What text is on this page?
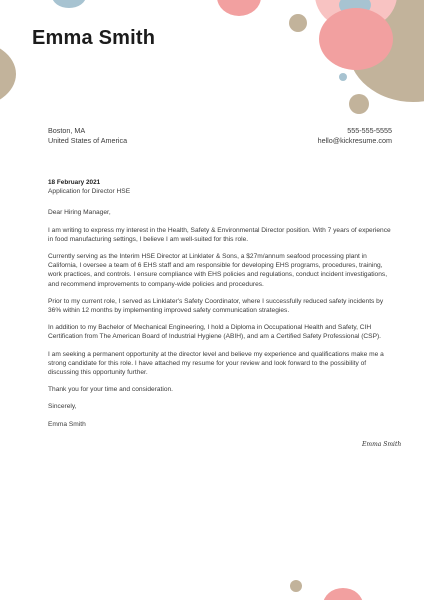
Emma Smith
Boston, MA
United States of America
555-555-5555
hello@kickresume.com
18 February 2021
Application for Director HSE

Dear Hiring Manager,

I am writing to express my interest in the Health, Safety & Environmental Director position. With 7 years of experience in food manufacturing settings, I believe I am well-suited for this role.

Currently serving as the Interim HSE Director at Linklater & Sons, a $27m/annum seafood processing plant in California, I oversee a team of 6 EHS staff and am responsible for developing EHS programs, procedures, training, work practices, and controls. I ensure compliance with EHS policies and regulations, conduct incident investigations, and recommend improvements to company-wide policies and procedures.

Prior to my current role, I served as Linklater's Safety Coordinator, where I successfully reduced safety incidents by 36% within 12 months by implementing improved safety communication strategies.

In addition to my Bachelor of Mechanical Engineering, I hold a Diploma in Occupational Health and Safety, CIH Certification from The American Board of Industrial Hygiene (ABIH), and am a Certified Safety Professional (CSP).

I am seeking a permanent opportunity at the director level and believe my experience and qualifications make me a strong candidate for this role. I have attached my resume for your review and look forward to the possibility of discussing this opportunity further.

Thank you for your time and consideration.

Sincerely,
Emma Smith
Emma Smith
